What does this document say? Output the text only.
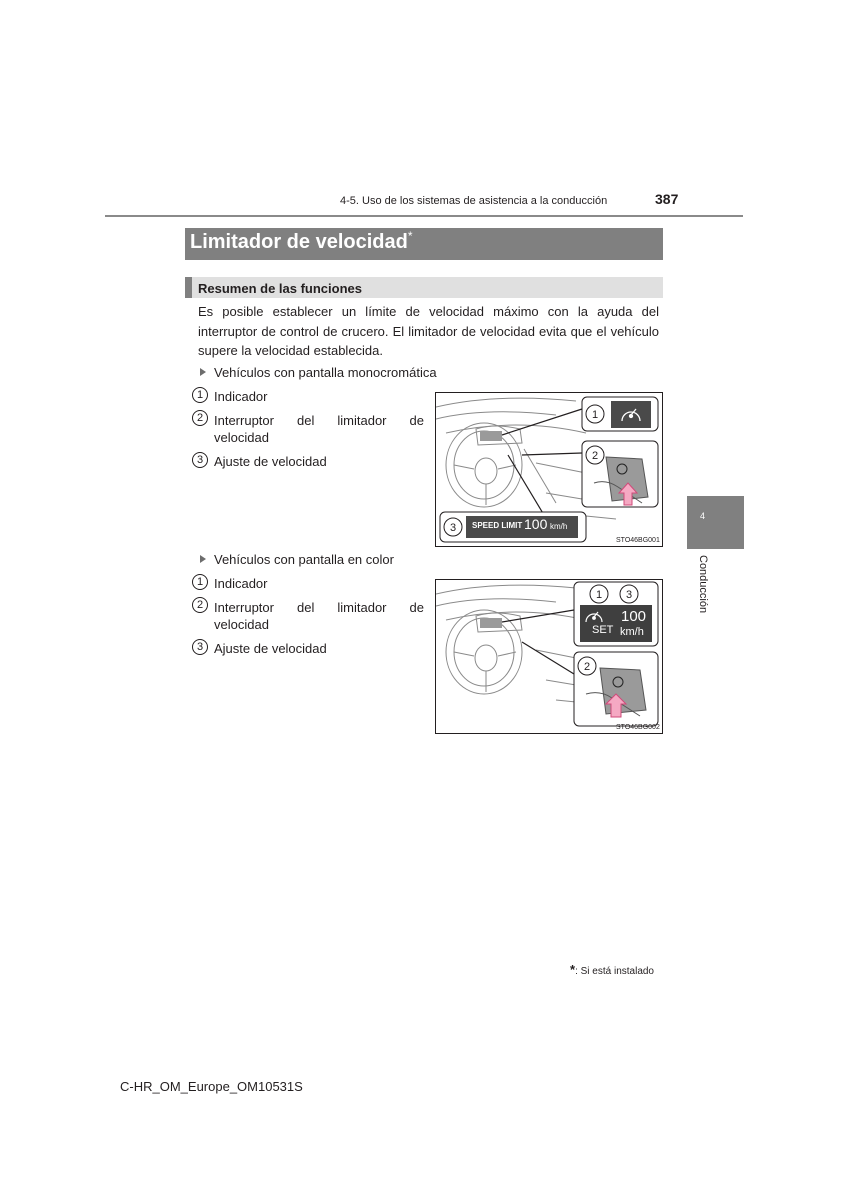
4-5. Uso de los sistemas de asistencia a la conducción	387
Limitador de velocidad*
Resumen de las funciones
Es posible establecer un límite de velocidad máximo con la ayuda del interruptor de control de crucero. El limitador de velocidad evita que el vehículo supere la velocidad establecida.
Vehículos con pantalla monocromática
1 Indicador
2 Interruptor del limitador de
velocidad
3 Ajuste de velocidad
1
2
3 SPEED LIMIT 100 km/h
STO46BG001
Vehículos con pantalla en color
1 Indicador
2 Interruptor del limitador de
velocidad
3 Ajuste de velocidad
1 3
2
SET
100
km/h
STO46BG002
4
Conducción
*: Si está instalado
C-HR_OM_Europe_OM10531S
